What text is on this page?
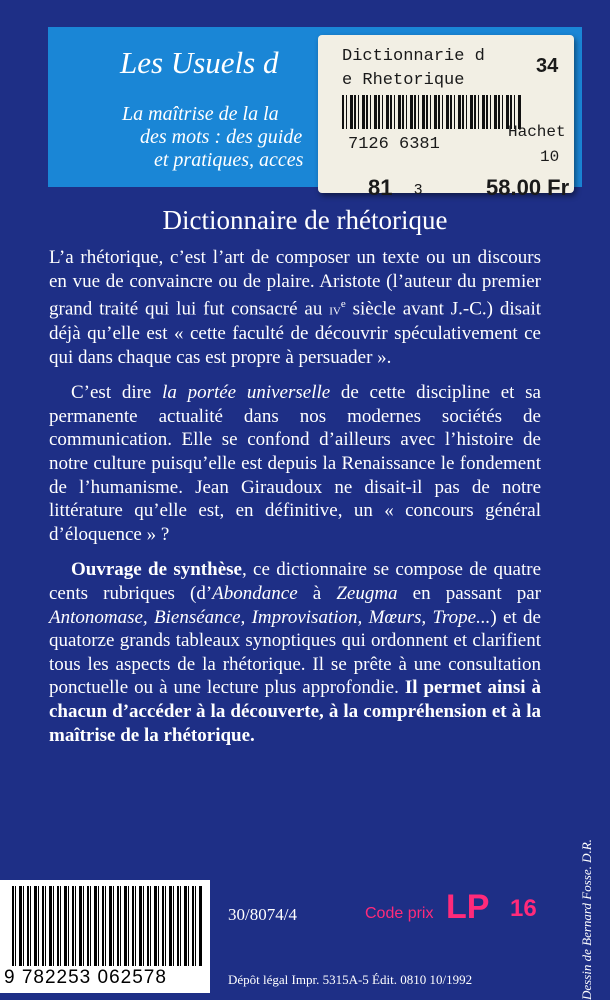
Les Usuels d
La maîtrise de la la
des mots : des guide
et pratiques, acces
Dictionnarie d
e Rhetorique
34
7126 6381
Hachet
10
81 3	58.00 Fr
Dictionnaire de rhétorique

L’a rhétorique, c’est l’art de composer un texte ou un discours en vue de convaincre ou de plaire. Aristote (l’auteur du premier grand traité qui lui fut consacré au $iv^e$ siècle avant J.-C.) disait déjà qu’elle est « cette faculté de découvrir spéculativement ce qui dans chaque cas est propre à persuader ».

C’est dire la portée universelle de cette discipline et sa permanente actualité dans nos modernes sociétés de communication. Elle se confond d’ailleurs avec l’histoire de notre culture puisqu’elle est depuis la Renaissance le fondement de l’humanisme. Jean Giraudoux ne disait-il pas de notre littérature qu’elle est, en définitive, un « concours général d’éloquence » ?

Ouvrage de synthèse, ce dictionnaire se compose de quatre cents rubriques (d’Abondance à Zeugma en passant par Antonomase, Bienséance, Improvisation, Mœurs, Trope...) et de quatorze grands tableaux synoptiques qui ordonnent et clarifient tous les aspects de la rhétorique. Il se prête à une consultation ponctuelle ou à une lecture plus approfondie. Il permet ainsi à chacun d’accéder à la découverte, à la compréhension et à la maîtrise de la rhétorique.

Dessin de Bernard Fosse. D.R.
9 782253 062578
30/8074/4	Code prix LP 16
Dépôt légal Impr. 5315A-5 Édit. 0810 10/1992
